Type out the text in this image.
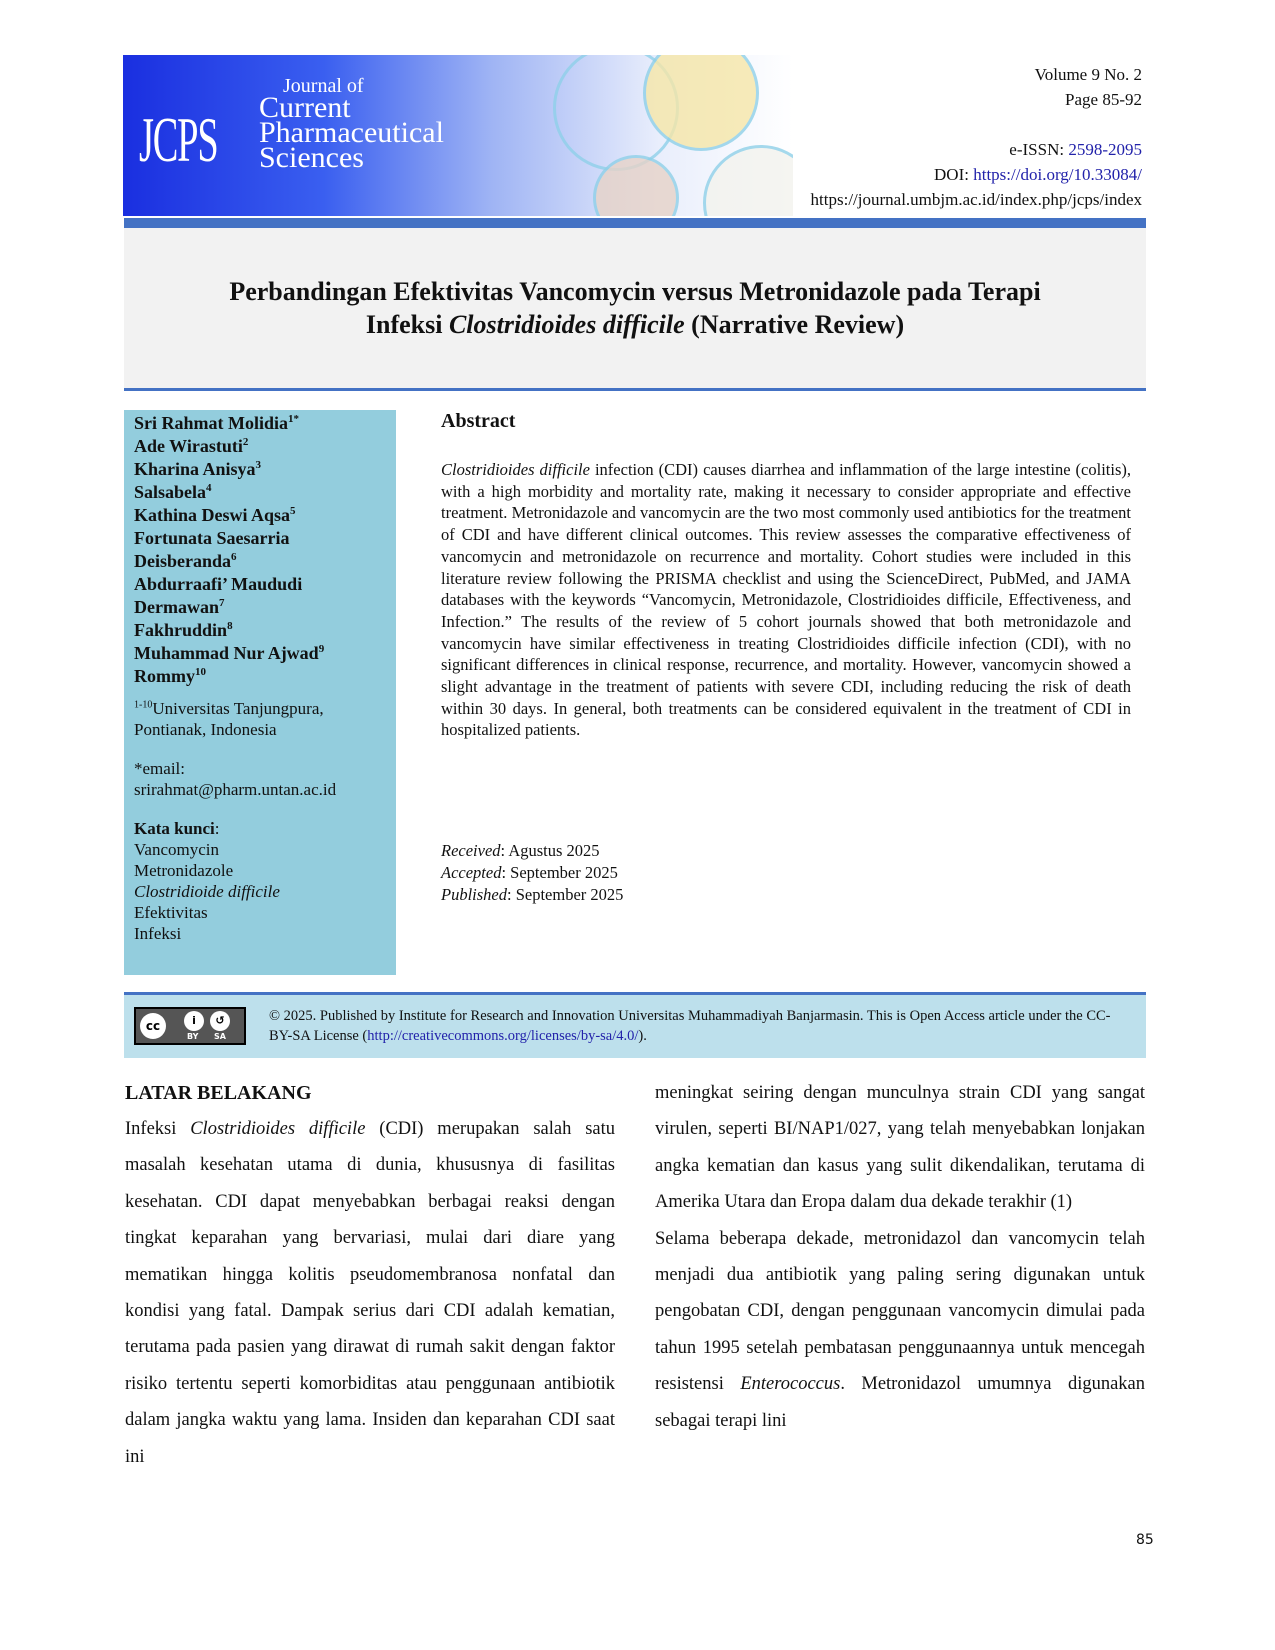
JCPS
Journal of
Current
Pharmaceutical
Sciences
Volume 9 No. 2
Page 85-92
e-ISSN: 2598-2095
DOI: https://doi.org/10.33084/
https://journal.umbjm.ac.id/index.php/jcps/index
Perbandingan Efektivitas Vancomycin versus Metronidazole pada Terapi
Infeksi Clostridioides difficile (Narrative Review)
Sri Rahmat Molidia$^{1*}$
Ade Wirastuti$^2$
Kharina Anisya$^3$
Salsabela$^4$
Kathina Deswi Aqsa$^5$
Fortunata Saesarria
Deisberanda$^6$
Abdurraafi’ Maududi
Dermawan$^7$
Fakhruddin$^8$
Muhammad Nur Ajwad$^9$
Rommy$^{10}$

$^{1-10}$Universitas Tanjungpura,
Pontianak, Indonesia

*email:

srirahmat@pharm.untan.ac.id

Kata kunci:

Vancomycin

Metronidazole

Clostridioide difficile

Efektivitas

Infeksi

Abstract
Clostridioides difficile infection (CDI) causes diarrhea and inflammation of the large intestine (colitis), with a high morbidity and mortality rate, making it necessary to consider appropriate and effective treatment. Metronidazole and vancomycin are the two most commonly used antibiotics for the treatment of CDI and have different clinical outcomes. This review assesses the comparative effectiveness of vancomycin and metronidazole on recurrence and mortality. Cohort studies were included in this literature review following the PRISMA checklist and using the ScienceDirect, PubMed, and JAMA databases with the keywords “Vancomycin, Metronidazole, Clostridioides difficile, Effectiveness, and Infection.” The results of the review of 5 cohort journals showed that both metronidazole and vancomycin have similar effectiveness in treating Clostridioides difficile infection (CDI), with no significant differences in clinical response, recurrence, and mortality. However, vancomycin showed a slight advantage in the treatment of patients with severe CDI, including reducing the risk of death within 30 days. In general, both treatments can be considered equivalent in the treatment of CDI in hospitalized patients.
Received: Agustus 2025
Accepted: September 2025
Published: September 2025
cc	i	↺
BY SA
© 2025. Published by Institute for Research and Innovation Universitas Muhammadiyah Banjarmasin. This is Open Access article under the CC-BY-SA License (http://creativecommons.org/licenses/by-sa/4.0/).
LATAR BELAKANG
Infeksi Clostridioides difficile (CDI) merupakan salah satu masalah kesehatan utama di dunia, khususnya di fasilitas kesehatan. CDI dapat menyebabkan berbagai reaksi dengan tingkat keparahan yang bervariasi, mulai dari diare yang mematikan hingga kolitis pseudomembranosa nonfatal dan kondisi yang fatal. Dampak serius dari CDI adalah kematian, terutama pada pasien yang dirawat di rumah sakit dengan faktor risiko tertentu seperti komorbiditas atau penggunaan antibiotik dalam jangka waktu yang lama. Insiden dan keparahan CDI saat ini
meningkat seiring dengan munculnya strain CDI yang sangat virulen, seperti BI/NAP1/027, yang telah menyebabkan lonjakan angka kematian dan kasus yang sulit dikendalikan, terutama di Amerika Utara dan Eropa dalam dua dekade terakhir (1)
Selama beberapa dekade, metronidazol dan vancomycin telah menjadi dua antibiotik yang paling sering digunakan untuk pengobatan CDI, dengan penggunaan vancomycin dimulai pada tahun 1995 setelah pembatasan penggunaannya untuk mencegah resistensi Enterococcus. Metronidazol umumnya digunakan sebagai terapi lini
85
